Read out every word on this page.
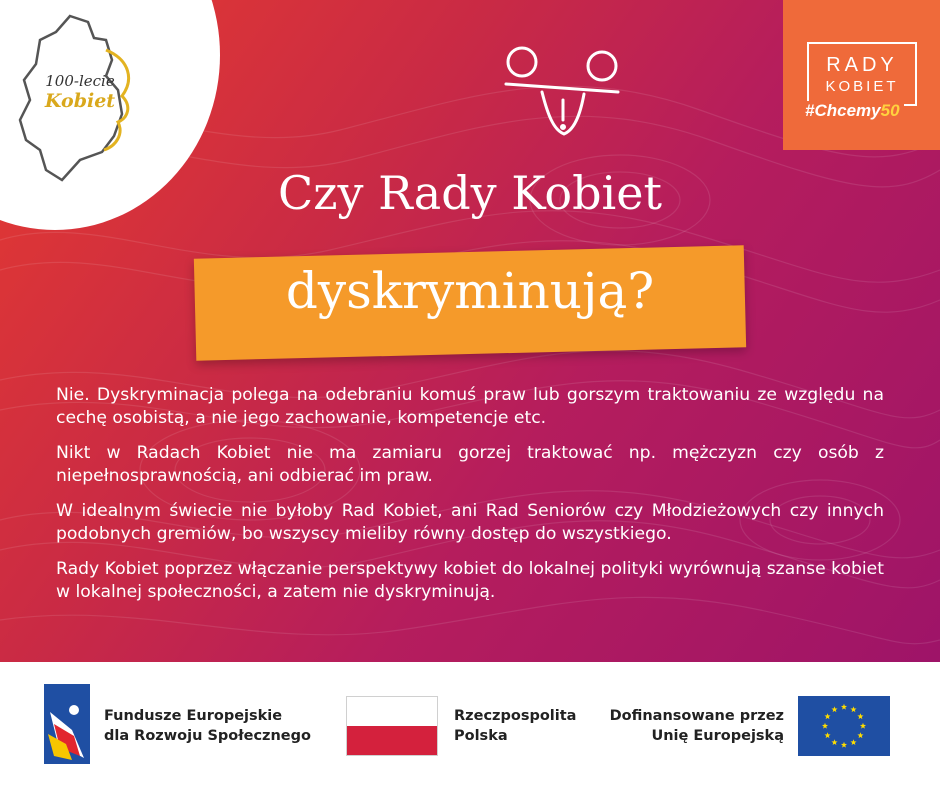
100-lecie
Kobiet
RADY
KOBIET
#Chcemy50
Czy Rady Kobiet
dyskryminują?

Nie. Dyskryminacja polega na odebraniu komuś praw lub gorszym traktowaniu ze względu na cechę osobistą, a nie jego zachowanie, kompetencje etc.

Nikt w Radach Kobiet nie ma zamiaru gorzej traktować np. mężczyzn czy osób z niepełnosprawnością, ani odbierać im praw.

W idealnym świecie nie byłoby Rad Kobiet, ani Rad Seniorów czy Młodzieżowych czy innych podobnych gremiów, bo wszyscy mieliby równy dostęp do wszystkiego.

Rady Kobiet poprzez włączanie perspektywy kobiet do lokalnej polityki wyrównują szanse kobiet w lokalnej społeczności, a zatem nie dyskryminują.

Fundusze Europejskie
dla Rozwoju Społecznego
Rzeczpospolita
Polska
Dofinansowane przez
Unię Europejską
